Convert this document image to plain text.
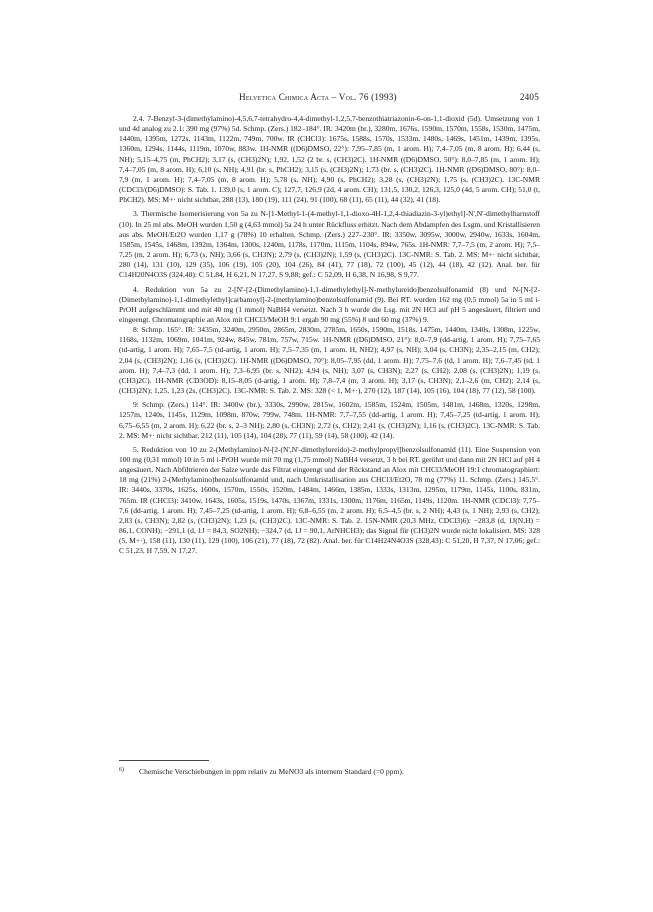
Helvetica Chimica Acta – Vol. 76 (1993)	2405

2.4. 7-Benzyl-3-(dimethylamino)-4,5,6,7-tetrahydro-4,4-dimethyl-1,2,5,7-benzothiatriazonin-6-on-1,1-dioxid (5d). Umsetzung von 1 und 4d analog zu 2.1: 390 mg (97%) 5d. Schmp. (Zers.) 182–184°. IR: 3420m (br.), 3280m, 1676s, 1590m, 1570m, 1558s, 1530m, 1475m, 1440m, 1395m, 1272s, 1143m, 1122m, 749m, 700w. IR (CHCl3): 1675s, 1588s, 1570s, 1533m, 1480s, 1469s, 1451m, 1439m, 1395s, 1360m, 1294s, 1144s, 1119m, 1070w, 883w. 1H-NMR ((D6)DMSO, 22°): 7,95–7,85 (m, 1 arom. H); 7,4–7,05 (m, 8 arom. H); 6,44 (s, NH); 5,15–4,75 (m, PhCH2); 3,17 (s, (CH3)2N); 1,92, 1,52 (2 br. s, (CH3)2C). 1H-NMR ((D6)DMSO, 50°): 8,0–7,85 (m, 1 arom. H); 7,4–7,05 (m, 8 arom. H); 6,10 (s, NH); 4,91 (br. s, PhCH2); 3,15 (s, (CH3)2N); 1,73 (br. s, (CH3)2C). 1H-NMR ((D6)DMSO, 80°): 8,0–7,9 (m, 1 arom. H); 7,4–7,05 (m, 8 arom. H); 5,78 (s, NH); 4,90 (s, PhCH2); 3,28 (s, (CH3)2N); 1,75 (s, (CH3)2C). 13C-NMR (CDCl3/(D6)DMSO): S. Tab. 1. 139,0 (s, 1 arom. C); 127,7, 126,9 (2d, 4 arom. CH); 131,5, 130,2, 126,3, 125,0 (4d, 5 arom. CH); 51,0 (t, PhCH2). MS: M+· nicht sichtbar, 288 (13), 180 (19), 111 (24), 91 (100), 68 (11), 65 (11), 44 (32), 41 (18).

3. Thermische Isomerisierung von 5a zu N-[1-Methyl-1-(4-methyl-1,1-dioxo-4H-1,2,4-thiadiazin-3-yl)ethyl]-N',N'-dimethylharnstoff (10). In 25 ml abs. MeOH wurden 1,50 g (4,63 mmol) 5a 24 h unter Rückfluss erhitzt. Nach dem Abdampfen des Lsgm. und Kristallisieren aus abs. MeOH/Et2O wurden 1,17 g (78%) 10 erhalten. Schmp. (Zers.) 227–230°. IR: 3350w, 3095w, 3000w, 2940w, 1633s, 1604m, 1585m, 1545s, 1468m, 1392m, 1364m, 1300s, 1240m, 1178s, 1170m, 1115m, 1104s, 894w, 765s. 1H-NMR: 7,7–7,5 (m, 2 arom. H); 7,5–7,25 (m, 2 arom. H); 6,73 (s, NH); 3,66 (s, CH3N); 2,79 (s, (CH3)2N); 1,59 (s, (CH3)2C). 13C-NMR: S. Tab. 2. MS: M+· nicht sichtbar, 280 (14), 131 (10), 129 (35), 106 (19), 105 (20), 104 (26), 84 (41), 77 (18), 72 (100), 45 (12), 44 (18), 42 (12). Anal. ber. für C14H20N4O3S (324,40): C 51,84, H 6,21, N 17,27, S 9,88; gef.: C 52,09, H 6,38, N 16,98, S 9,77.

4. Reduktion von 5a zu 2-[N'-[2-(Dimethylamino)-1,1-dimethylethyl]-N-methylureido]benzolsulfonamid (8) und N-[N-[2-(Dimethylamino)-1,1-dimethylethyl]carbamoyl]-2-(methylamino)benzolsulfonamid (9). Bei RT. wurden 162 mg (0,5 mmol) 5a in 5 ml i-PrOH aufgeschlämmt und mit 40 mg (1 mmol) NaBH4 versetzt. Nach 3 h wurde die Lsg. mit 2N HCl auf pH 5 angesäuert, filtriert und eingeengt. Chromatographie an Alox mit CHCl3/MeOH 9:1 ergab 90 mg (55%) 8 und 60 mg (37%) 9.

8: Schmp. 165°. IR: 3435m, 3240m, 2950m, 2865m, 2830m, 2785m, 1650s, 1590m, 1518s, 1475m, 1440m, 1340s, 1308m, 1225w, 1168s, 1132m, 1069m, 1041m, 924w, 845w, 781m, 757w, 715w. 1H-NMR ((D6)DMSO, 21°): 8,0–7,9 (dd-artig, 1 arom. H); 7,75–7,65 (td-artig, 1 arom. H); 7,65–7,5 (td-artig, 1 arom. H); 7,5–7,35 (m, 1 arom. H, NH2); 4,97 (s, NH); 3,04 (s, CH3N); 2,35–2,15 (m, CH2); 2,04 (s, (CH3)2N); 1,16 (s, (CH3)2C). 1H-NMR ((D6)DMSO, 70°): 8,05–7,95 (dd, 1 arom. H); 7,75–7,6 (td, 1 arom. H); 7,6–7,45 (td, 1 arom. H); 7,4–7,3 (dd, 1 arom. H); 7,3–6,95 (br. s, NH2); 4,94 (s, NH); 3,07 (s, CH3N); 2,27 (s, CH2); 2,08 (s, (CH3)2N); 1,19 (s, (CH3)2C). 1H-NMR (CD3OD): 8,15–8,05 (d-artig, 1 arom. H); 7,8–7,4 (m, 3 arom. H); 3,17 (s, CH3N); 2,1–2,6 (m, CH2); 2,14 (s, (CH3)2N); 1,25, 1,23 (2s, (CH3)2C). 13C-NMR: S. Tab. 2. MS: 328 (< 1, M+·), 270 (12), 187 (14), 105 (16), 104 (18), 77 (12), 58 (100).

9: Schmp. (Zers.) 114°. IR: 3400w (br.), 3330s, 2990w, 2815w, 1602m, 1585m, 1524m, 1505m, 1481m, 1468m, 1320s, 1298m, 1257m, 1240s, 1145s, 1129m, 1098m, 870w, 799w, 748m. 1H-NMR: 7,7–7,55 (dd-artig, 1 arom. H); 7,45–7,25 (td-artig, 1 arom. H); 6,75–6,55 (m, 2 arom. H); 6,22 (br. s, 2–3 NH); 2,80 (s, CH3N); 2,72 (s, CH2); 2,41 (s, (CH3)2N); 1,16 (s, (CH3)2C). 13C-NMR: S. Tab. 2. MS: M+· nicht sichtbar, 212 (11), 105 (14), 104 (28), 77 (11), 59 (14), 58 (100), 42 (14).

5. Reduktion von 10 zu 2-(Methylamino)-N-[2-(N',N'-dimethylureido)-2-methylpropyl]benzolsulfonamid (11). Eine Suspension von 100 mg (0,31 mmol) 10 in 5 ml i-PrOH wurde mit 70 mg (1,75 mmol) NaBH4 versetzt, 3 h bei RT. gerührt und dann mit 2N HCl auf pH 4 angesäuert. Nach Abfiltrieren der Salze wurde das Filtrat eingeengt und der Rückstand an Alox mit CHCl3/MeOH 19:1 chromatographiert: 18 mg (21%) 2-(Methylamino)benzolsulfonamid und, nach Umkristallisation aus CHCl3/Et2O, 78 mg (77%) 11. Schmp. (Zers.) 145,5°. IR: 3440s, 3370s, 1625s, 1600s, 1570m, 1550s, 1520m, 1484m, 1466m, 1385m, 1333s, 1313m, 1295m, 1179m, 1145s, 1100s, 831m, 765m. IR (CHCl3): 3410w, 1643s, 1605s, 1519s, 1470s, 1367m, 1331s, 1300m, 1176m, 1165m, 1149s, 1120m. 1H-NMR (CDCl3): 7,75–7,6 (dd-artig, 1 arom. H); 7,45–7,25 (td-artig, 1 arom. H); 6,8–6,55 (m, 2 arom. H); 6,5–4,5 (br. s, 2 NH); 4,43 (s, 1 NH); 2,93 (s, CH2); 2,83 (s, CH3N); 2,82 (s, (CH3)2N); 1,23 (s, (CH3)2C). 13C-NMR: S. Tab. 2. 15N-NMR (20,3 MHz, CDCl3)6): −283,8 (d, 1J(N,H) = 86,1, CONH); −291,1 (d, 1J = 84,3, SO2NH); −324,7 (d, 1J = 90,1, ArNHCH3); das Signal für (CH3)2N wurde nicht lokalisiert. MS: 328 (5, M+·), 158 (11), 130 (11), 129 (100), 106 (21), 77 (18), 72 (82). Anal. ber. für C14H24N4O3S (328,43): C 51,20, H 7,37, N 17,06; gef.: C 51,23, H 7,59, N 17,27.

6) Chemische Verschiebungen in ppm relativ zu MeNO3 als internem Standard (=0 ppm).
